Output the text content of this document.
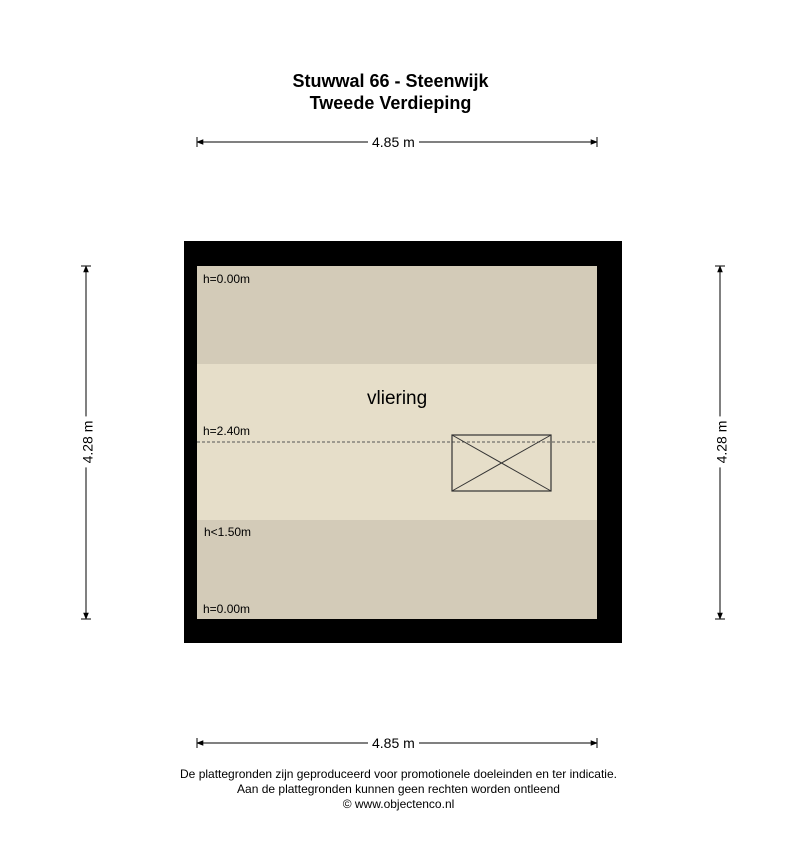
Stuwwal 66 - Steenwijk
Tweede Verdieping
4.85 m
4.85 m
4.28 m	4.28 m
vliering
h=0.00m
h=2.40m
h<1.50m
h=0.00m
De plattegronden zijn geproduceerd voor promotionele doeleinden en ter indicatie.
Aan de plattegronden kunnen geen rechten worden ontleend
© www.objectenco.nl
